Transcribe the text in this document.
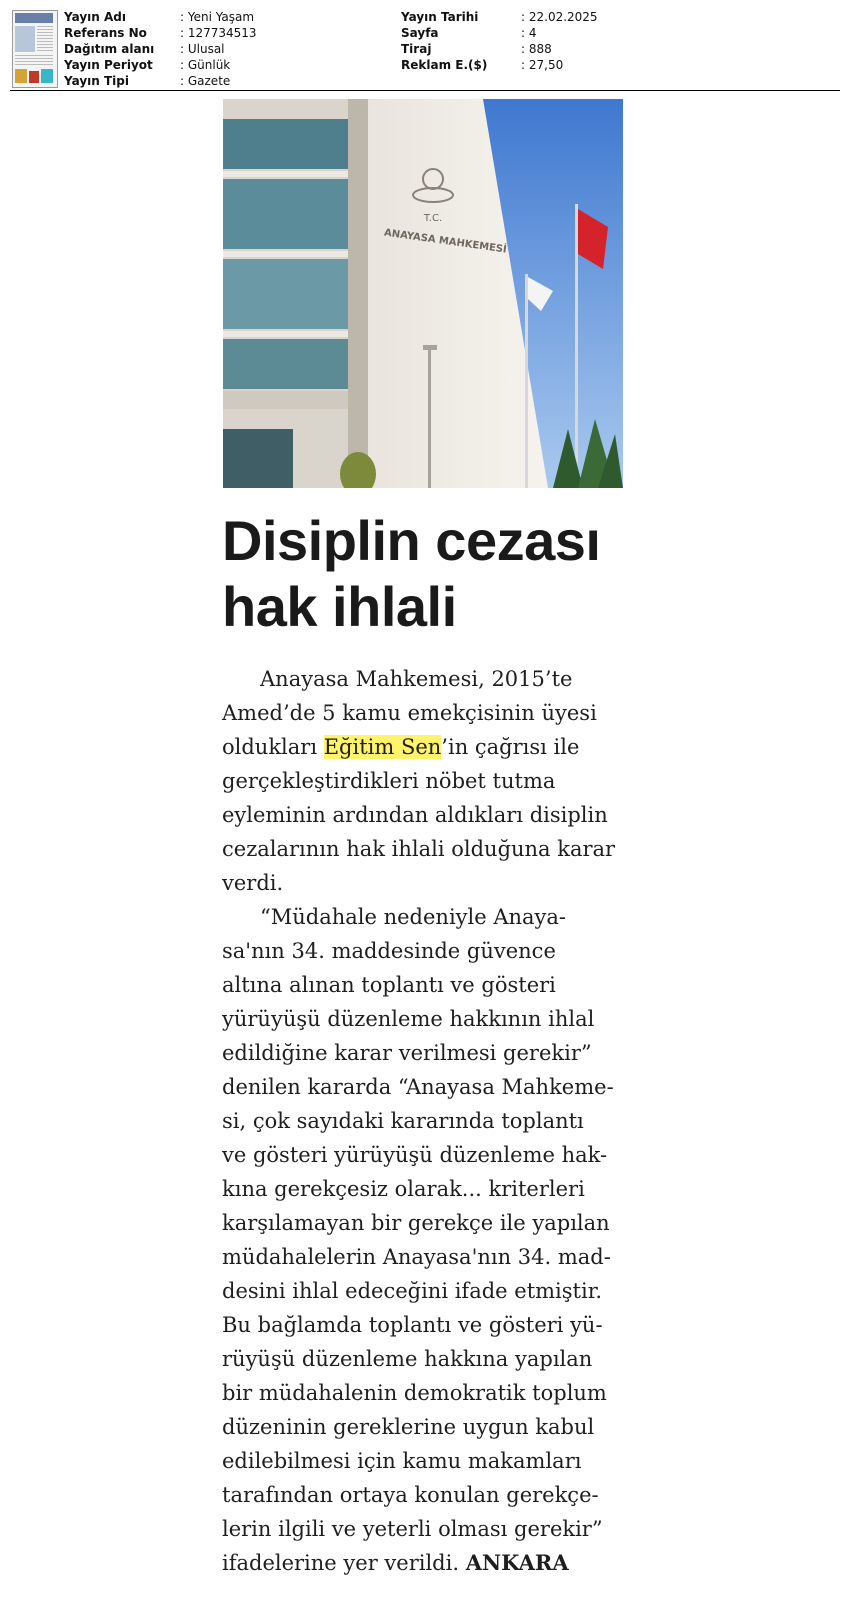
Yayın Adı	: Yeni Yaşam
Referans No	: 127734513
Dağıtım alanı : Ulusal
Yayın Periyot : Günlük
Yayın Tipi	: Gazete
Yayın Tarihi	: 22.02.2025
Sayfa	: 4
Tiraj	: 888
Reklam E.($)	: 27,50
T.C.
ANAYASA MAHKEMESİ
Disiplin cezası
hak ihlali
Anayasa Mahkemesi, 2015’te
Amed’de 5 kamu emekçisinin üyesi
oldukları Eğitim Sen’in çağrısı ile
gerçekleştirdikleri nöbet tutma
eyleminin ardından aldıkları disiplin
cezalarının hak ihlali olduğuna karar
verdi.
“Müdahale nedeniyle Anaya-
sa'nın 34. maddesinde güvence
altına alınan toplantı ve gösteri
yürüyüşü düzenleme hakkının ihlal
edildiğine karar verilmesi gerekir”
denilen kararda “Anayasa Mahkeme-
si, çok sayıdaki kararında toplantı
ve gösteri yürüyüşü düzenleme hak-
kına gerekçesiz olarak... kriterleri
karşılamayan bir gerekçe ile yapılan
müdahalelerin Anayasa'nın 34. mad-
desini ihlal edeceğini ifade etmiştir.
Bu bağlamda toplantı ve gösteri yü-
rüyüşü düzenleme hakkına yapılan
bir müdahalenin demokratik toplum
düzeninin gereklerine uygun kabul
edilebilmesi için kamu makamları
tarafından ortaya konulan gerekçe-
lerin ilgili ve yeterli olması gerekir”
ifadelerine yer verildi. ANKARA
